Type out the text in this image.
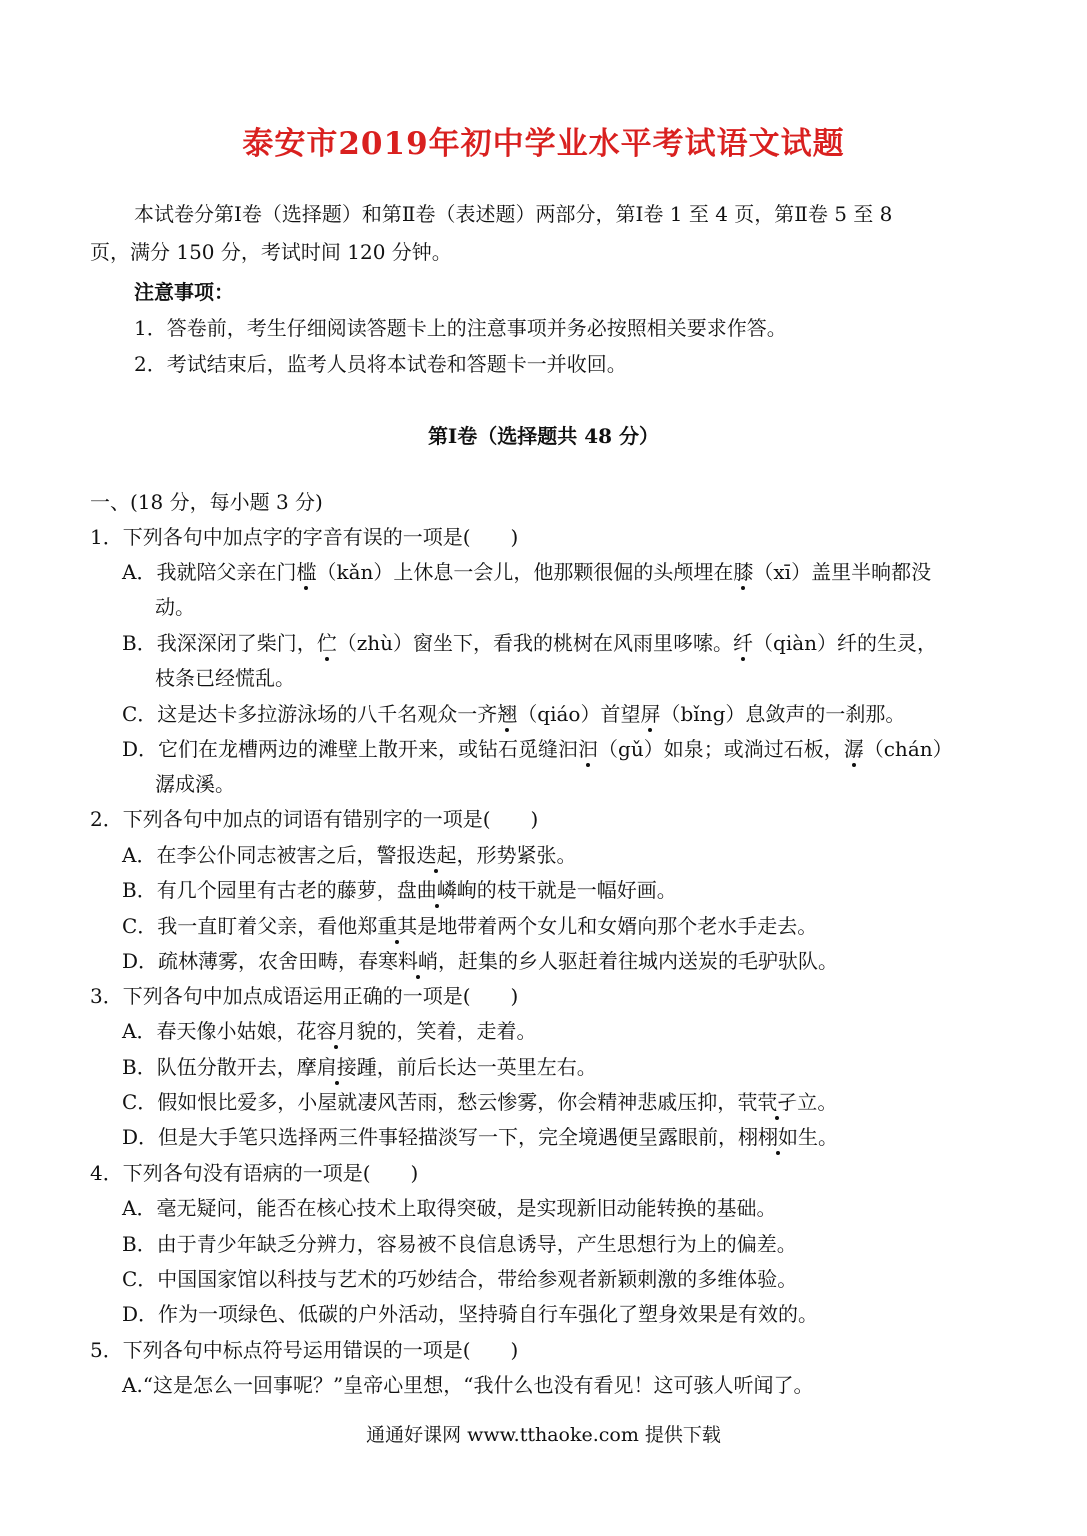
泰安市2019年初中学业水平考试语文试题
本试卷分第Ⅰ卷（选择题）和第Ⅱ卷（表述题）两部分，第Ⅰ卷 1 至 4 页，第Ⅱ卷 5 至 8
页，满分 150 分，考试时间 120 分钟。
注意事项：
1．答卷前，考生仔细阅读答题卡上的注意事项并务必按照相关要求作答。
2．考试结束后，监考人员将本试卷和答题卡一并收回。
第Ⅰ卷（选择题共 48 分）
一、(18 分，每小题 3 分)
1．下列各句中加点字的字音有误的一项是(　　)
A．我就陪父亲在门槛（kǎn）上休息一会儿，他那颗很倔的头颅埋在膝（xī）盖里半晌都没
动。
B．我深深闭了柴门，伫（zhù）窗坐下，看我的桃树在风雨里哆嗦。纤（qiàn）纤的生灵，
枝条已经慌乱。
C．这是达卡多拉游泳场的八千名观众一齐翘（qiáo）首望屏（bǐng）息敛声的一刹那。
D．它们在龙槽两边的滩壁上散开来，或钻石觅缝汩汩（gǔ）如泉；或淌过石板，潺（chán）
潺成溪。
2．下列各句中加点的词语有错别字的一项是(　　)
A．在李公仆同志被害之后，警报迭起，形势紧张。
B．有几个园里有古老的藤萝，盘曲嶙峋的枝干就是一幅好画。
C．我一直盯着父亲，看他郑重其是地带着两个女儿和女婿向那个老水手走去。
D．疏林薄雾，农舍田畴，春寒料峭，赶集的乡人驱赶着往城内送炭的毛驴驮队。
3．下列各句中加点成语运用正确的一项是(　　)
A．春天像小姑娘，花容月貌的，笑着，走着。
B．队伍分散开去，摩肩接踵，前后长达一英里左右。
C．假如恨比爱多，小屋就凄风苦雨，愁云惨雾，你会精神悲戚压抑，茕茕孑立。
D．但是大手笔只选择两三件事轻描淡写一下，完全境遇便呈露眼前，栩栩如生。
4．下列各句没有语病的一项是(　　)
A．毫无疑问，能否在核心技术上取得突破，是实现新旧动能转换的基础。
B．由于青少年缺乏分辨力，容易被不良信息诱导，产生思想行为上的偏差。
C．中国国家馆以科技与艺术的巧妙结合，带给参观者新颖刺激的多维体验。
D．作为一项绿色、低碳的户外活动，坚持骑自行车强化了塑身效果是有效的。
5．下列各句中标点符号运用错误的一项是(　　)
A.“这是怎么一回事呢？”皇帝心里想，“我什么也没有看见！这可骇人听闻了。
通通好课网 www.tthaoke.com 提供下载
